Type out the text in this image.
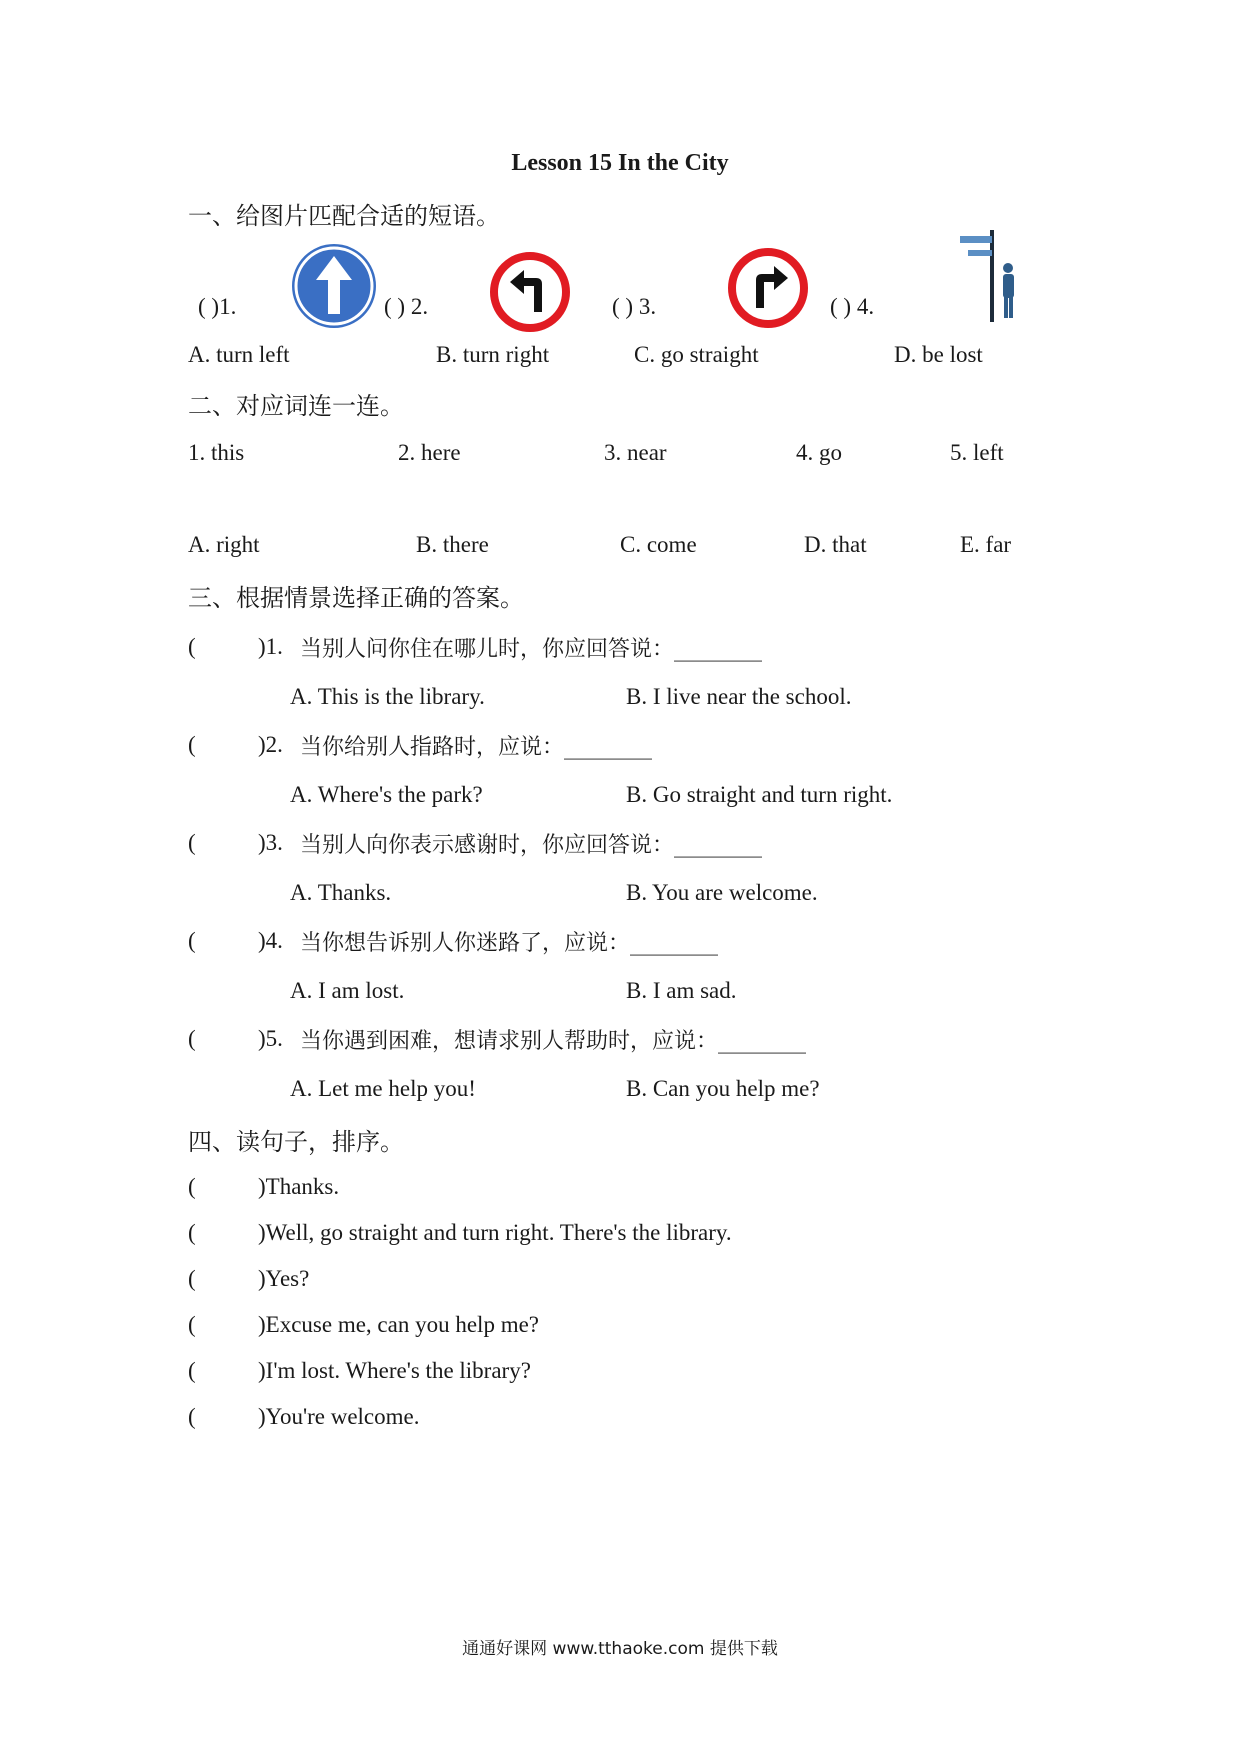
Lesson 15 In the City
一、给图片匹配合适的短语。
( )1.	( ) 2.	( ) 3.	( ) 4.
A. turn left	B. turn right	C. go straight	D. be lost
二、对应词连一连。
1. this	2. here	3. near	4. go	5. left
A. right	B. there	C. come	D. that	E. far
三、根据情景选择正确的答案。
(	)1. 当别人问你住在哪儿时，你应回答说：________
A. This is the library.	B. I live near the school.
(	)2. 当你给别人指路时，应说：________
A. Where's the park?	B. Go straight and turn right.
(	)3. 当别人向你表示感谢时，你应回答说：________
A. Thanks.	B. You are welcome.
(	)4. 当你想告诉别人你迷路了，应说：________
A. I am lost.	B. I am sad.
(	)5. 当你遇到困难，想请求别人帮助时，应说：________
A. Let me help you!	B. Can you help me?
四、读句子，排序。
(	)Thanks.
(	)Well, go straight and turn right. There's the library.
(	)Yes?
(	)Excuse me, can you help me?
(	)I'm lost. Where's the library?
(	)You're welcome.
通通好课网 www.tthaoke.com 提供下载
